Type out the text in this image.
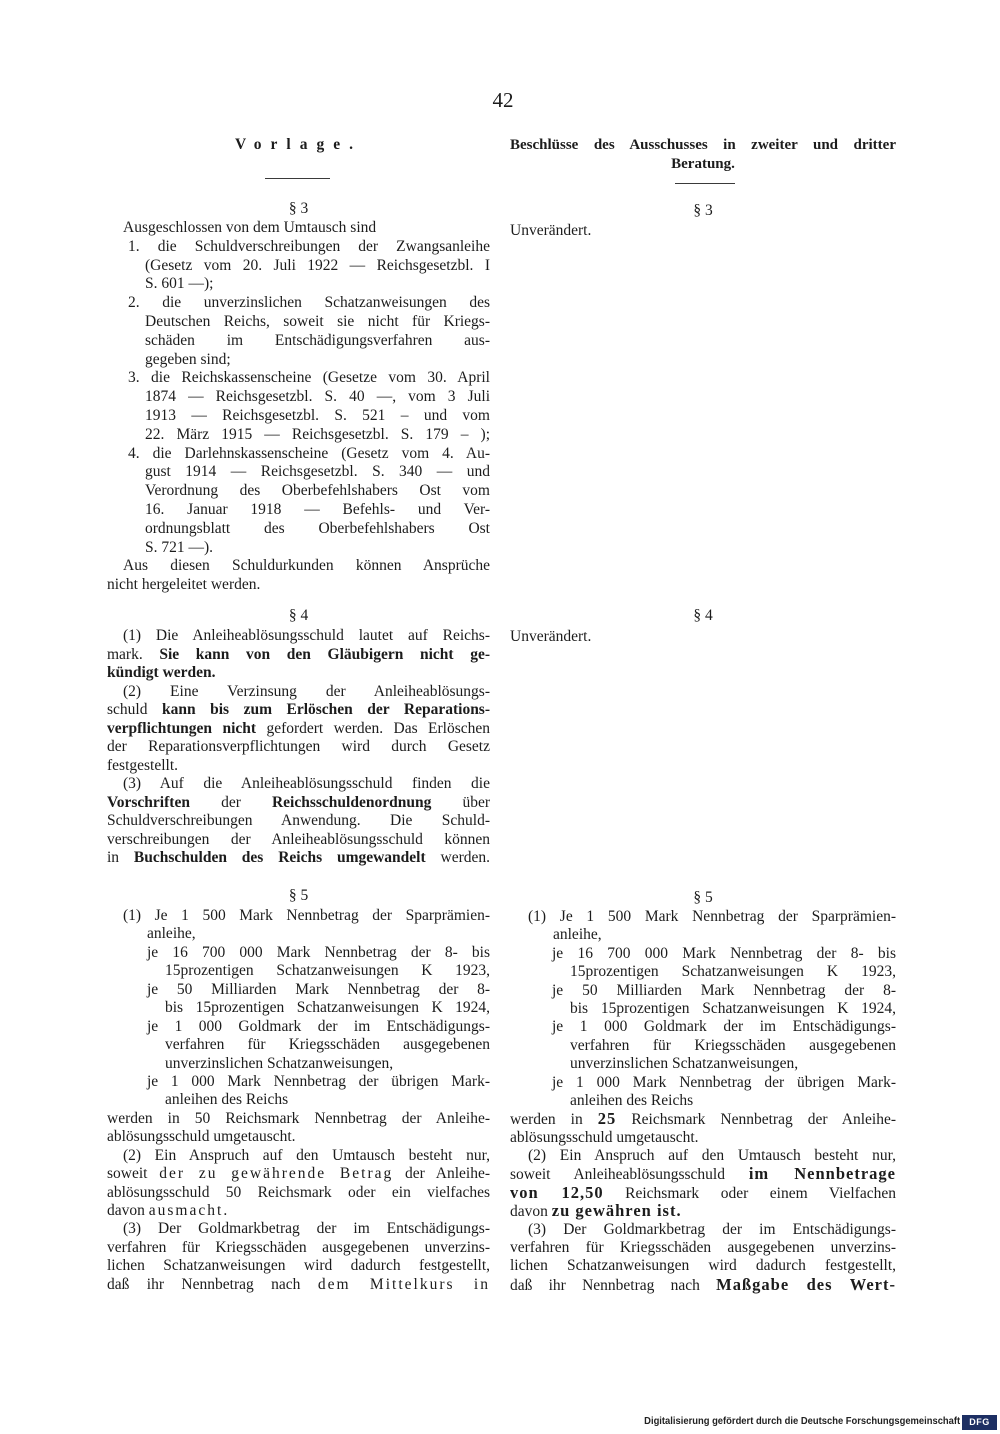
42
Vorlage.	Beschlüsse des Ausschusses in zweiter und dritter
Beratung.
§ 3
Ausgeschlossen von dem Umtausch sind
1. die Schuldverschreibungen der Zwangsanleihe
(Gesetz vom 20. Juli 1922 — Reichsgesetzbl. I
S. 601 —);
2. die unverzinslichen Schatzanweisungen des
Deutschen Reichs, soweit sie nicht für Kriegs-
schäden im Entschädigungsverfahren aus-
gegeben sind;
3. die Reichskassenscheine (Gesetze vom 30. April
1874 — Reichsgesetzbl. S. 40 —, vom 3 Juli
1913 — Reichsgesetzbl. S. 521 – und vom
22. März 1915 — Reichsgesetzbl. S. 179 – );
4. die Darlehnskassenscheine (Gesetz vom 4. Au-
gust 1914 — Reichsgesetzbl. S. 340 — und
Verordnung des Oberbefehlshabers Ost vom
16. Januar 1918 — Befehls- und Ver-
ordnungsblatt des Oberbefehlshabers Ost
S. 721 —).
Aus diesen Schuldurkunden können Ansprüche
nicht hergeleitet werden.
§ 4
(1) Die Anleiheablösungsschuld lautet auf Reichs-
mark. Sie kann von den Gläubigern nicht ge-
kündigt werden.
(2) Eine Verzinsung der Anleiheablösungs-
schuld kann bis zum Erlöschen der Reparations-
verpflichtungen nicht gefordert werden. Das Erlöschen
der Reparationsverpflichtungen wird durch Gesetz
festgestellt.
(3) Auf die Anleiheablösungsschuld finden die
Vorschriften der Reichsschuldenordnung über
Schuldverschreibungen Anwendung. Die Schuld-
verschreibungen der Anleiheablösungsschuld können
in Buchschulden des Reichs umgewandelt werden.
§ 5
(1) Je 1 500 Mark Nennbetrag der Sparprämien-
anleihe,
je 16 700 000 Mark Nennbetrag der 8- bis
15prozentigen Schatzanweisungen K 1923,
je 50 Milliarden Mark Nennbetrag der 8-
bis 15prozentigen Schatzanweisungen K 1924,
je 1 000 Goldmark der im Entschädigungs-
verfahren für Kriegsschäden ausgegebenen
unverzinslichen Schatzanweisungen,
je 1 000 Mark Nennbetrag der übrigen Mark-
anleihen des Reichs
werden in 50 Reichsmark Nennbetrag der Anleihe-
ablösungsschuld umgetauscht.
(2) Ein Anspruch auf den Umtausch besteht nur,
soweit der zu gewährende Betrag der Anleihe-
ablösungsschuld 50 Reichsmark oder ein vielfaches
davon ausmacht.
(3) Der Goldmarkbetrag der im Entschädigungs-
verfahren für Kriegsschäden ausgegebenen unverzins-
lichen Schatzanweisungen wird dadurch festgestellt,
daß ihr Nennbetrag nach dem Mittelkurs in
§ 3
Unverändert.
§ 4
Unverändert.
§ 5
(1) Je 1 500 Mark Nennbetrag der Sparprämien-
anleihe,
je 16 700 000 Mark Nennbetrag der 8- bis
15prozentigen Schatzanweisungen K 1923,
je 50 Milliarden Mark Nennbetrag der 8-
bis 15prozentigen Schatzanweisungen K 1924,
je 1 000 Goldmark der im Entschädigungs-
verfahren für Kriegsschäden ausgegebenen
unverzinslichen Schatzanweisungen,
je 1 000 Mark Nennbetrag der übrigen Mark-
anleihen des Reichs
werden in 25 Reichsmark Nennbetrag der Anleihe-
ablösungsschuld umgetauscht.
(2) Ein Anspruch auf den Umtausch besteht nur,
soweit Anleiheablösungsschuld im Nennbetrage
von 12,50 Reichsmark oder einem Vielfachen
davon zu gewähren ist.
(3) Der Goldmarkbetrag der im Entschädigungs-
verfahren für Kriegsschäden ausgegebenen unverzins-
lichen Schatzanweisungen wird dadurch festgestellt,
daß ihr Nennbetrag nach Maßgabe des Wert-
Digitalisierung gefördert durch die Deutsche Forschungsgemeinschaft	DFG
